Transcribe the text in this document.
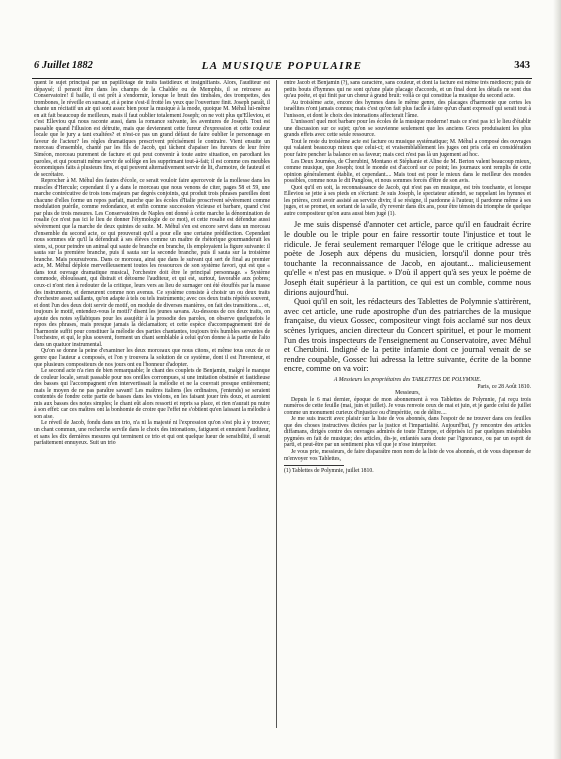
6 Juillet 1882	LA MUSIQUE POPULAIRE	343

quent le sujet principal par un papillotage de traits fastidieux et insignifiants. Alors, l'auditeur est dépaysé; il pensoit être dans les champs de la Chaldée ou de Memphis, il se retrouve au Conservatoire! il baille, il est prêt à s'endormir, lorsque le bruit des timbales, des trompettes, des trombones, le réveille en sursaut, et à peine s'est-il frotté les yeux que l'ouverture finit. Joseph paraît, il chante un récitatif un air qui sont assez bien pour la musique à la mode, quoique M. Méhul lui-même en ait fait beaucoup de meilleurs, mais il faut oublier totalement Joseph; on ne voit plus qu'Elleviou, et c'est Elleviou qui nous raconte aussi, dans la romance suivante, les aventures de Joseph. Tout est passable quand l'illusion est détruite, mais que deviennent cette fureur d'expression et cette couleur locale que le jury a tant exaltées? et n'est-ce pas un grand défaut de faire oublier le personnage en faveur de l'acteur? les règles dramatiques prescrivent précisément le contraire. Vient ensuite un morceau d'ensemble, chanté par les fils de Jacob, qui tâchent d'apaiser les fureurs de leur frère Siméon, morceau purement de facture et qui peut convenir à toute autre situation, en parodiant les paroles, et qui pourrait même servir de solfège en les supprimant tout-à-fait; il est comme ces meubles économiques faits à plusieurs fins, et qui peuvent alternativement servir de lit, d'armoire, de fauteuil et de secrétaire.

Reprocher à M. Méhul des fautes d'école, ce serait vouloir faire apercevoir de la mollesse dans les muscles d'Hercule; cependant il y a dans le morceau que nous venons de citer, pages 58 et 59, une marche contrécutive de trois tons majeurs par degrés conjoints, qui produit trois phrases pareilles dont chacune d'elles forme un repos parfait, marche que les écoles d'Italie proscrivent sévèrement comme modulation puérile, comme redondance, et enfin comme succession vicieuse et barbare, quand c'est par plus de trois mesures. Les Conservatoires de Naples ont donné à cette marche la dénomination de rosalie (ce n'est pas ici le lieu de donner l'étymologie de ce mot), et cette rosalie est défendue aussi sévèrement que la marche de deux quintes de suite. M. Méhul s'en est encore servi dans un morceau d'ensemble du second acte, ce qui prouverait qu'il a pour elle une certaine prédilection. Cependant nous sommes sûr qu'il la défendrait à ses élèves comme un maître de rhétorique gourmanderait les siens, si, pour peindre un animal qui saute de branche en branche, ils employaient la figure suivante: il sauta sur la première branche, puis il sauta sur la seconde branche, puis il sauta sur la troisième branche. Mais poursuivons. Dans ce morceau, ainsi que dans le suivant qui sert de final au premier acte, M. Méhul déploie merveilleusement toutes les ressources de son système favori, qui est que « dans tout ouvrage dramatique musical, l'orchestre doit être le principal personnage. » Système commode, éblouissant, qui distrait et détourne l'auditeur, et qui est, surtout, favorable aux pobres; ceux-ci n'ont rien à redouter de la critique, leurs vers au lieu de surnager ont été étouffés par la masse des instruments, et demeurent comme non avenus. Ce système consiste à choisir un ou deux traits d'orchestre assez saillants, qu'on adapte à tels ou tels instruments; avec ces deux traits répétés souvent, et dont l'un des deux doit servir de motif, on module de diverses manières, on fait des transitions.... et, toujours le motif, entendez-vous le motif? disent les jeunes savans. Au-dessous de ces deux traits, on ajoute des notes syllabiques pour les assujétir à la prosodie des paroles, on observe quelquefois le repos des phrases, mais presque jamais la déclamation; et cette espèce d'accompagnement tiré de l'harmonie suffit pour constituer la mélodie des parties chantantes, toujours très humbles servantes de l'orchestre, et qui, le plus souvent, forment un chant semblable à celui qu'on donne à la partie de l'alto dans un quatuor instrumental.

Qu'on se donne la peine d'examiner les deux morceaux que nous citons, et même tous ceux de ce genre que l'auteur a composés, et l'on y trouvera la solution de ce système, dont il est l'inventeur, et que plusieurs compositeurs de nos jours ont eu l'honneur d'adopter.

Le second acte n'a rien de bien remarquable; le chant des couplets de Benjamin, malgré le manque de couleur locale, serait passable pour nos oreilles corrompues, si une imitation obstinée et fastidieuse des basses qui l'accompagnent n'en intervertissait la mélodie et ne la couvrait presque entièrement; mais le moyen de ne pas paraître savant! Les maîtres italiens (les ordinaires, j'entends) se seraient contentés de fondre cette partie de basses dans les violons, en les faisant jouer très doux, et auroient mis aux basses des notes simples; le chant eût alors ressorti et repris sa place, et rien n'aurait pu nuire à son effet: car ces maîtres ont la bonhomie de croire que l'effet ne s'obtient qu'en laissant la mélodie à son aise.

Le réveil de Jacob, fondu dans un trio, n'a ni la majesté ni l'expression qu'on s'est plu à y trouver; un chant commun, une recherche servile dans le choix des intonations, fatiguent et ennuient l'auditeur, et sans les dix dernières mesures qui terminent ce trio et qui ont quelque lueur de sensibilité, il serait parfaitement ennuyeux. Suit un trio

entre Jacob et Benjamin (?), sans caractère, sans couleur, et dont la facture est même très médiocre; puis de petits bouts d'hymnes qui ne sont qu'une plate placage d'accords, et un final dont les détails ne sont dus qu'au poète, et qui finit par un chœur à grand bruit: voilà ce qui constitue la musique du second acte.

Au troisième acte, encore des hymnes dans le même genre, des placages d'harmonie que certes les israélites n'ont jamais connus; mais c'est qu'on fait plus facile à faire qu'un chant expressif qui serait tout à l'unisson, et dont le choix des intonations affecterait l'âme.

L'unisson! quel mot barbare pour les écoles de la musique moderne! mais ce n'est pas ici le lieu d'établir une discussion sur ce sujet; qu'on se souvienne seulement que les anciens Grecs produisaient les plus grands effets avec cette seule ressource.

Tout le reste du troisième acte est facture ou musique systématique; M. Méhul a composé des ouvrages qui valaient beaucoup mieux que celui-ci; et vraisemblablement les juges ont pris cela en considération pour faire pencher la balance en sa faveur; mais ceci n'est pas là un jugement ad hoc.

Les Deux Journées, de Cherubini, Montano et Stéphanie et Aline de M. Berton valent beaucoup mieux, comme musique, que Joseph; tout le monde est d'accord sur ce point; les journaux sont remplis de cette opinion généralement établie, et cependant.... Mais tout est pour le mieux dans le meilleur des mondes possibles, comme nous le dit Pangloss, et nous sommes forcés d'être de son avis.

Quoi qu'il en soit, la reconnaissance de Jacob, qui n'est pas en musique, est très touchante, et lorsque Elleviou se jette à ses pieds en s'écriant: Je suis Joseph, le spectateur attendri, se rappelant les hymnes et les prières, croit avoir assisté au service divin; il se résigne, il pardonne à l'auteur, il pardonne même à ses juges, et se promet, en sortant de la salle, d'y revenir dans dix ans, pour être témoin du triomphe de quelque autre compositeur qu'on aura aussi bien jugé (1).

Je me suis dispensé d'annoter cet article, parce qu'il en faudrait écrire le double ou le triple pour en faire ressortir toute l'injustice et tout le ridicule. Je ferai seulement remarquer l'éloge que le critique adresse au poète de Joseph aux dépens du musicien, lorsqu'il donne pour très touchante la reconnaissance de Jacob, en ajoutant... malicieusement qu'elle « n'est pas en musique. » D'où il appert qu'à ses yeux le poème de Joseph était supérieur à la partition, ce qui est un comble, comme nous dirions aujourd'hui.

Quoi qu'il en soit, les rédacteurs des Tablettes de Polymnie s'attirèrent, avec cet article, une rude apostrophe d'un des patriarches de la musique française, du vieux Gossec, compositeur vingt fois acclamé sur nos deux scènes lyriques, ancien directeur du Concert spirituel, et pour le moment l'un des trois inspecteurs de l'enseignement au Conservatoire, avec Méhul et Cherubini. Indigné de la petite infamie dont ce journal venait de se rendre coupable, Gossec lui adressa la lettre suivante, écrite de la bonne encre, comme on va voir:

A Messieurs les propriétaires des TABLETTES DE POLYMNIE.

Paris, ce 28 Août 1810.

Messieurs,

Depuis le 6 mai dernier, époque de mon abonnement à vos Tablettes de Polymnie, j'ai reçu trois numéros de cette feuille (mai, juin et juillet). Je vous renvoie ceux de mai et juin, et je garde celui de juillet comme un monument curieux d'injustice ou d'impéritie, ou de délire....

Je me suis inscrit avec plaisir sur la liste de vos abonnés, dans l'espoir de ne trouver dans ces feuilles que des choses instructives dictées par la justice et l'impartialité. Aujourd'hui, j'y rencontre des articles diffamans, dirigés contre des ouvrages admirés de toute l'Europe, et déprisés ici par quelques misérables pygmées en fait de musique; des articles, dis-je, enfantés sans doute par l'ignorance, ou par un esprit de parti, et peut-être par un sentiment plus vil que je n'ose interpréter.

Je vous prie, messieurs, de faire disparaître mon nom de la liste de vos abonnés, et de vous dispenser de m'envoyer vos Tablettes,

(1) Tablettes de Polymnie, juillet 1810.
